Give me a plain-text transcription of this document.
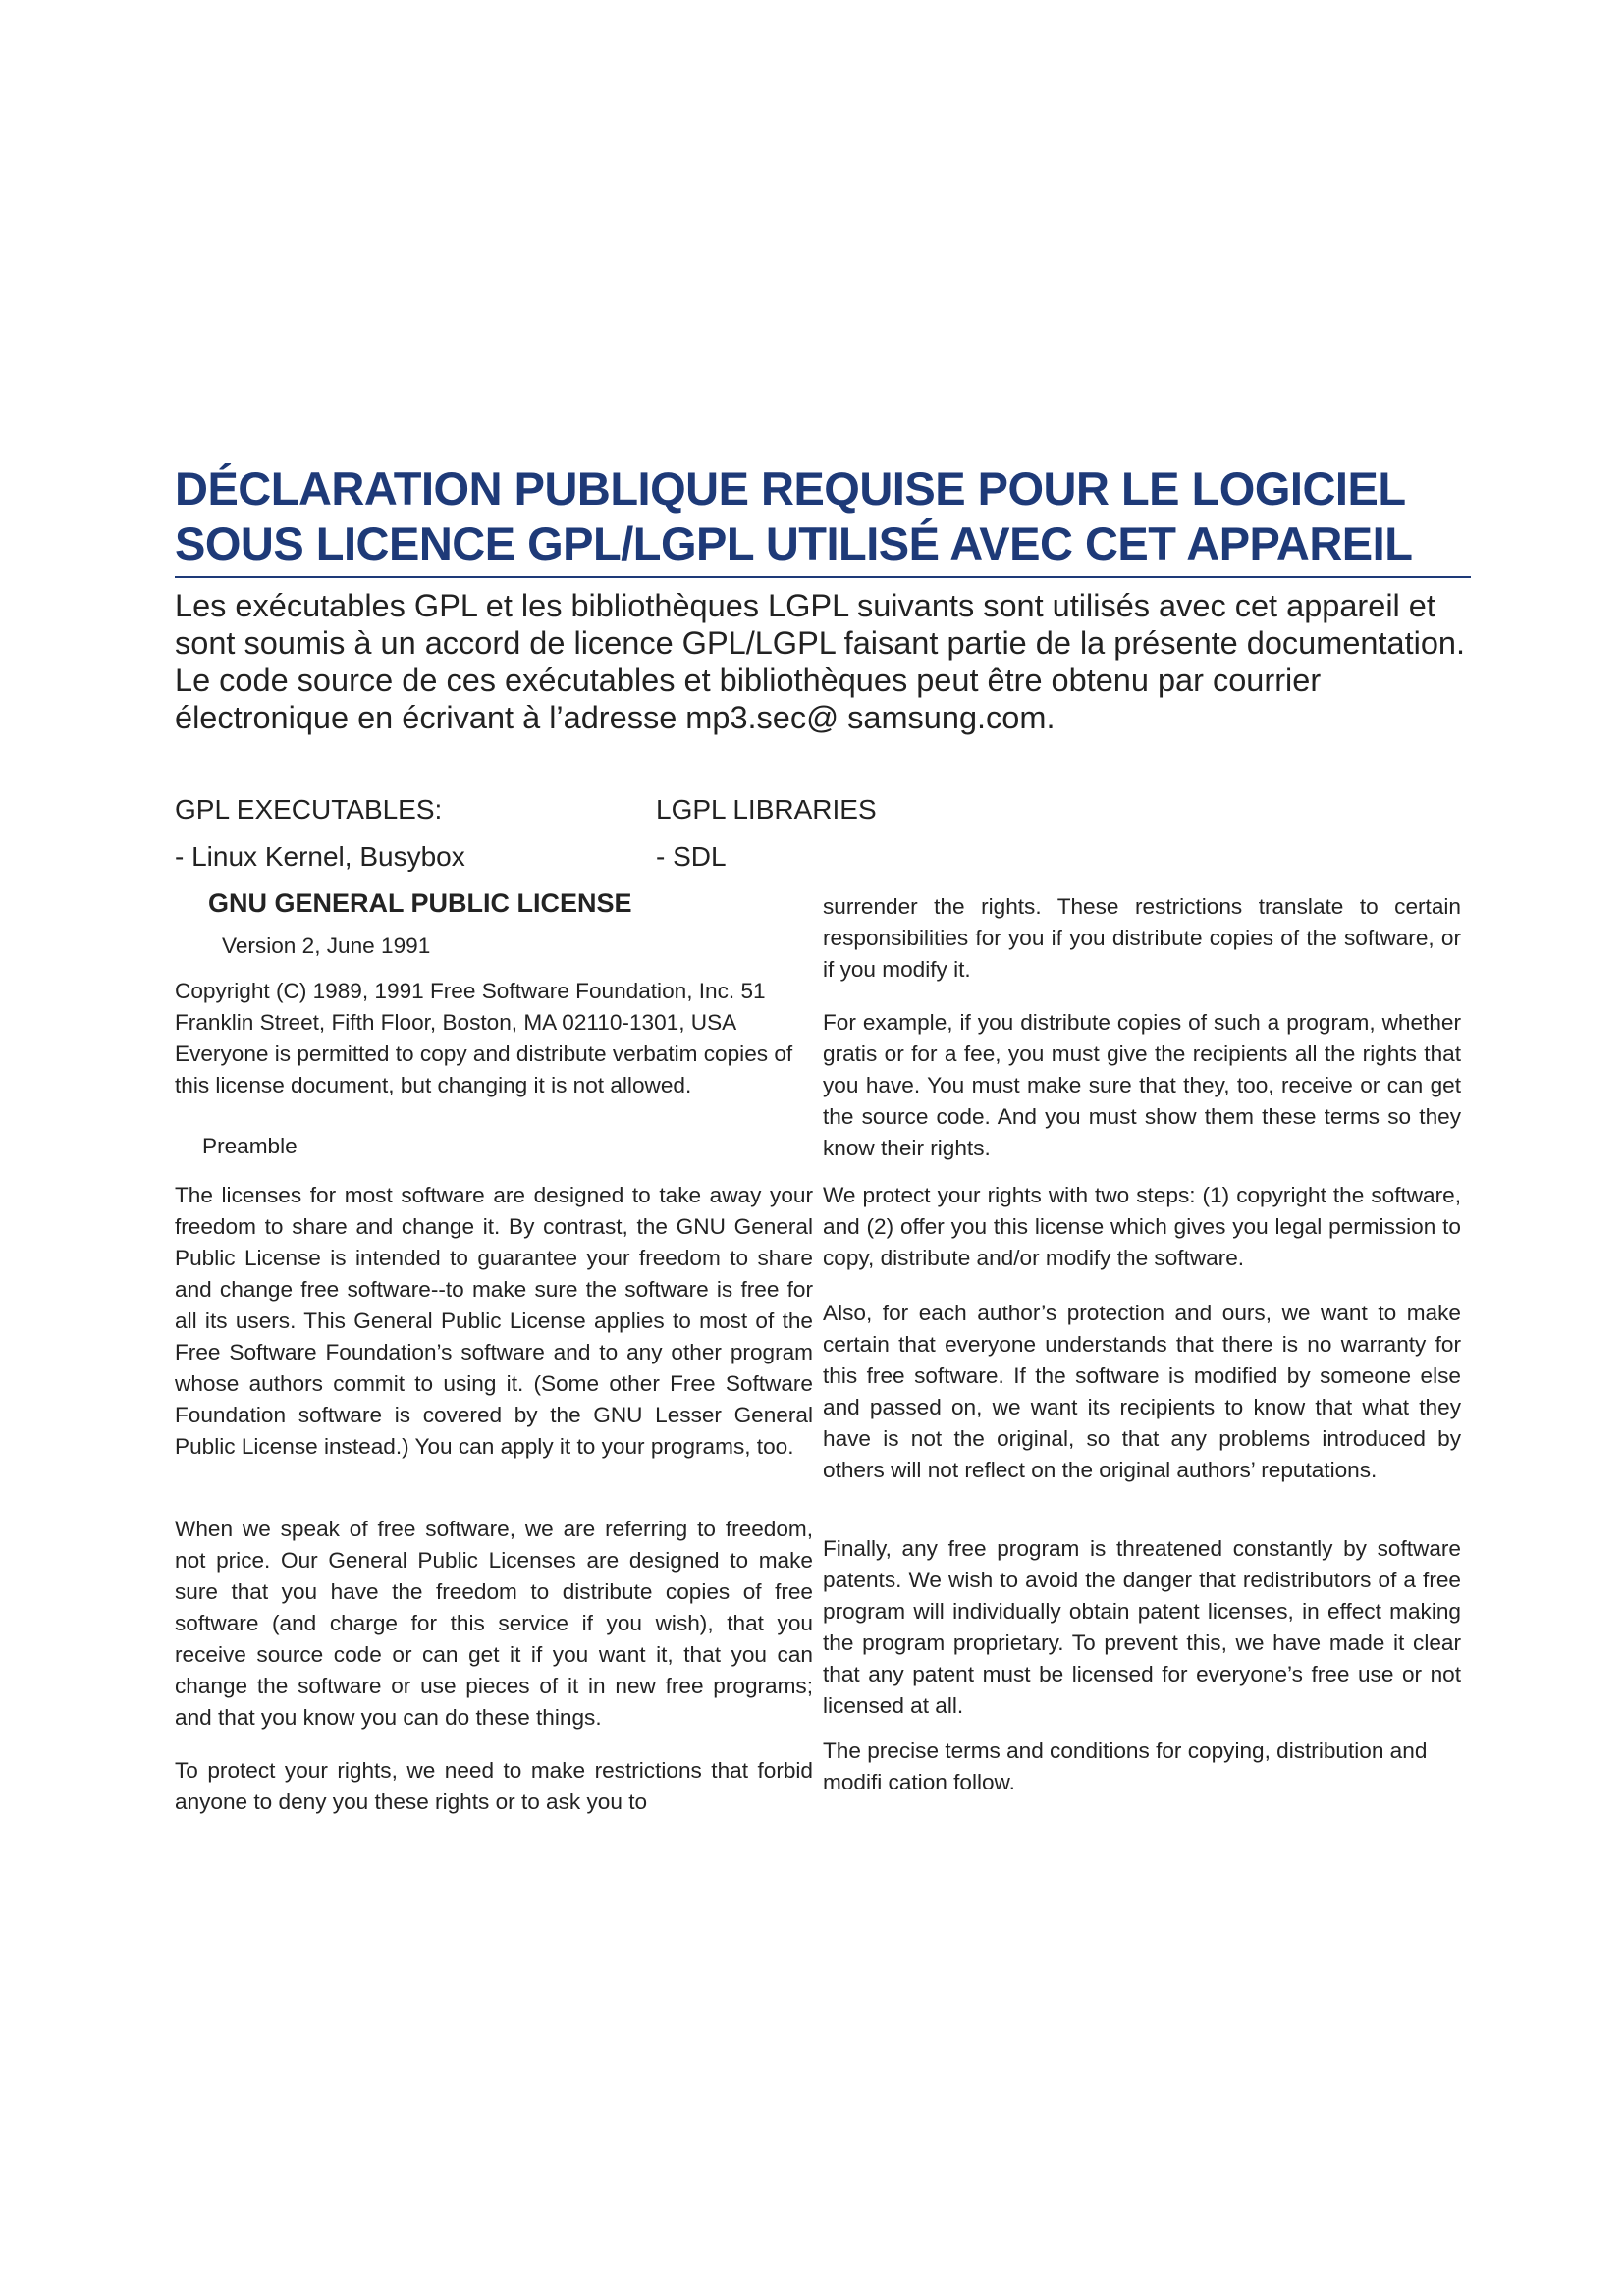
DÉCLARATION PUBLIQUE REQUISE POUR LE LOGICIEL
SOUS LICENCE GPL/LGPL UTILISÉ AVEC CET APPAREIL
Les exécutables GPL et les bibliothèques LGPL suivants sont utilisés avec cet appareil et sont soumis à un accord de licence GPL/LGPL faisant partie de la présente documentation. Le code source de ces exécutables et bibliothèques peut être obtenu par courrier électronique en écrivant à l’adresse mp3.sec@ samsung.com.
GPL EXECUTABLES:	LGPL LIBRARIES
- Linux Kernel, Busybox	- SDL
GNU GENERAL PUBLIC LICENSE
Version 2, June 1991

Copyright (C) 1989, 1991 Free Software Foundation, Inc. 51 Franklin Street, Fifth Floor, Boston, MA 02110-1301, USA Everyone is permitted to copy and distribute verbatim copies of this license document, but changing it is not allowed.

Preamble

The licenses for most software are designed to take away your freedom to share and change it. By contrast, the GNU General Public License is intended to guarantee your freedom to share and change free software--to make sure the software is free for all its users. This General Public License applies to most of the Free Software Foundation’s software and to any other program whose authors commit to using it. (Some other Free Software Foundation software is covered by the GNU Lesser General Public License instead.) You can apply it to your programs, too.

When we speak of free software, we are referring to freedom, not price. Our General Public Licenses are designed to make sure that you have the freedom to distribute copies of free software (and charge for this service if you wish), that you receive source code or can get it if you want it, that you can change the software or use pieces of it in new free programs; and that you know you can do these things.

To protect your rights, we need to make restrictions that forbid anyone to deny you these rights or to ask you to

surrender the rights. These restrictions translate to certain responsibilities for you if you distribute copies of the software, or if you modify it.

For example, if you distribute copies of such a program, whether gratis or for a fee, you must give the recipients all the rights that you have. You must make sure that they, too, receive or can get the source code. And you must show them these terms so they know their rights.

We protect your rights with two steps: (1) copyright the software, and (2) offer you this license which gives you legal permission to copy, distribute and/or modify the software.

Also, for each author’s protection and ours, we want to make certain that everyone understands that there is no warranty for this free software. If the software is modified by someone else and passed on, we want its recipients to know that what they have is not the original, so that any problems introduced by others will not reflect on the original authors’ reputations.

Finally, any free program is threatened constantly by software patents. We wish to avoid the danger that redistributors of a free program will individually obtain patent licenses, in effect making the program proprietary. To prevent this, we have made it clear that any patent must be licensed for everyone’s free use or not licensed at all.

The precise terms and conditions for copying, distribution and modifi cation follow.
